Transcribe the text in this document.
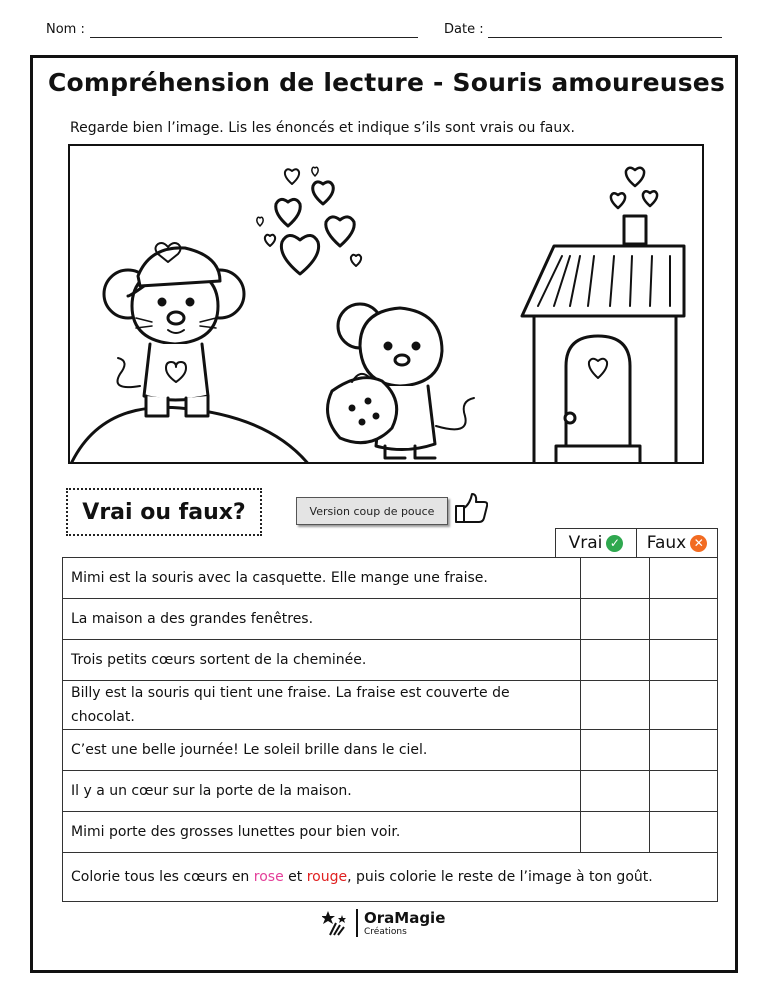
Nom :	Date :
Compréhension de lecture - Souris amoureuses
Regarde bien l’image. Lis les énoncés et indique s’ils sont vrais ou faux.
Vrai ou faux?	Version coup de pouce
Vrai ✓ Faux ✕
Mimi est la souris avec la casquette. Elle mange une fraise.		
La maison a des grandes fenêtres.		
Trois petits cœurs sortent de la cheminée.		
Billy est la souris qui tient une fraise. La fraise est couverte de chocolat.		
C’est une belle journée! Le soleil brille dans le ciel.		
Il y a un cœur sur la porte de la maison.		
Mimi porte des grosses lunettes pour bien voir.		
Colorie tous les cœurs en rose et rouge, puis colorie le reste de l’image à ton goût.		
OraMagie
Créations
